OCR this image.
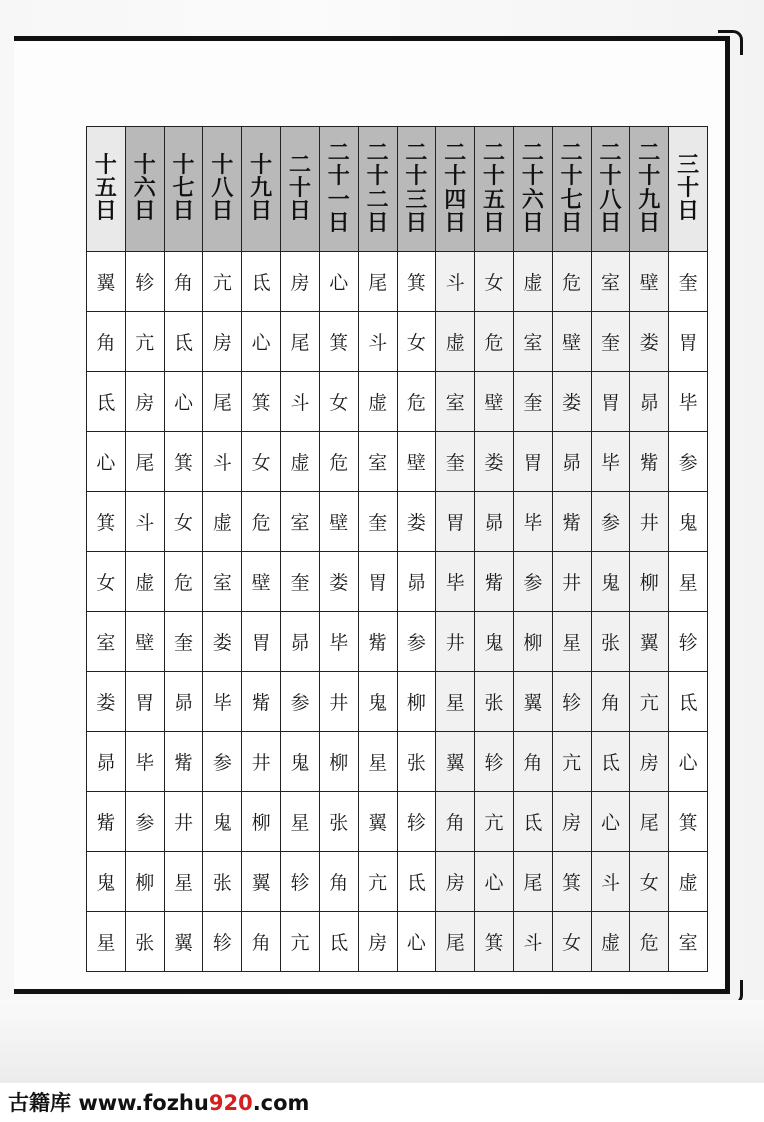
十五日	十六日	十七日	十八日	十九日	二十日	二十一日	二十二日	二十三日	二十四日	二十五日	二十六日	二十七日	二十八日	二十九日	三十日
翼	轸	角	亢	氐	房	心	尾	箕	斗	女	虚	危	室	壁	奎
角	亢	氐	房	心	尾	箕	斗	女	虚	危	室	壁	奎	娄	胃
氐	房	心	尾	箕	斗	女	虚	危	室	壁	奎	娄	胃	昴	毕
心	尾	箕	斗	女	虚	危	室	壁	奎	娄	胃	昴	毕	觜	参
箕	斗	女	虚	危	室	壁	奎	娄	胃	昴	毕	觜	参	井	鬼
女	虚	危	室	壁	奎	娄	胃	昴	毕	觜	参	井	鬼	柳	星
室	壁	奎	娄	胃	昴	毕	觜	参	井	鬼	柳	星	张	翼	轸
娄	胃	昴	毕	觜	参	井	鬼	柳	星	张	翼	轸	角	亢	氐
昴	毕	觜	参	井	鬼	柳	星	张	翼	轸	角	亢	氐	房	心
觜	参	井	鬼	柳	星	张	翼	轸	角	亢	氐	房	心	尾	箕
鬼	柳	星	张	翼	轸	角	亢	氐	房	心	尾	箕	斗	女	虚
星	张	翼	轸	角	亢	氐	房	心	尾	箕	斗	女	虚	危	室
古籍库 www.fozhu920.com
